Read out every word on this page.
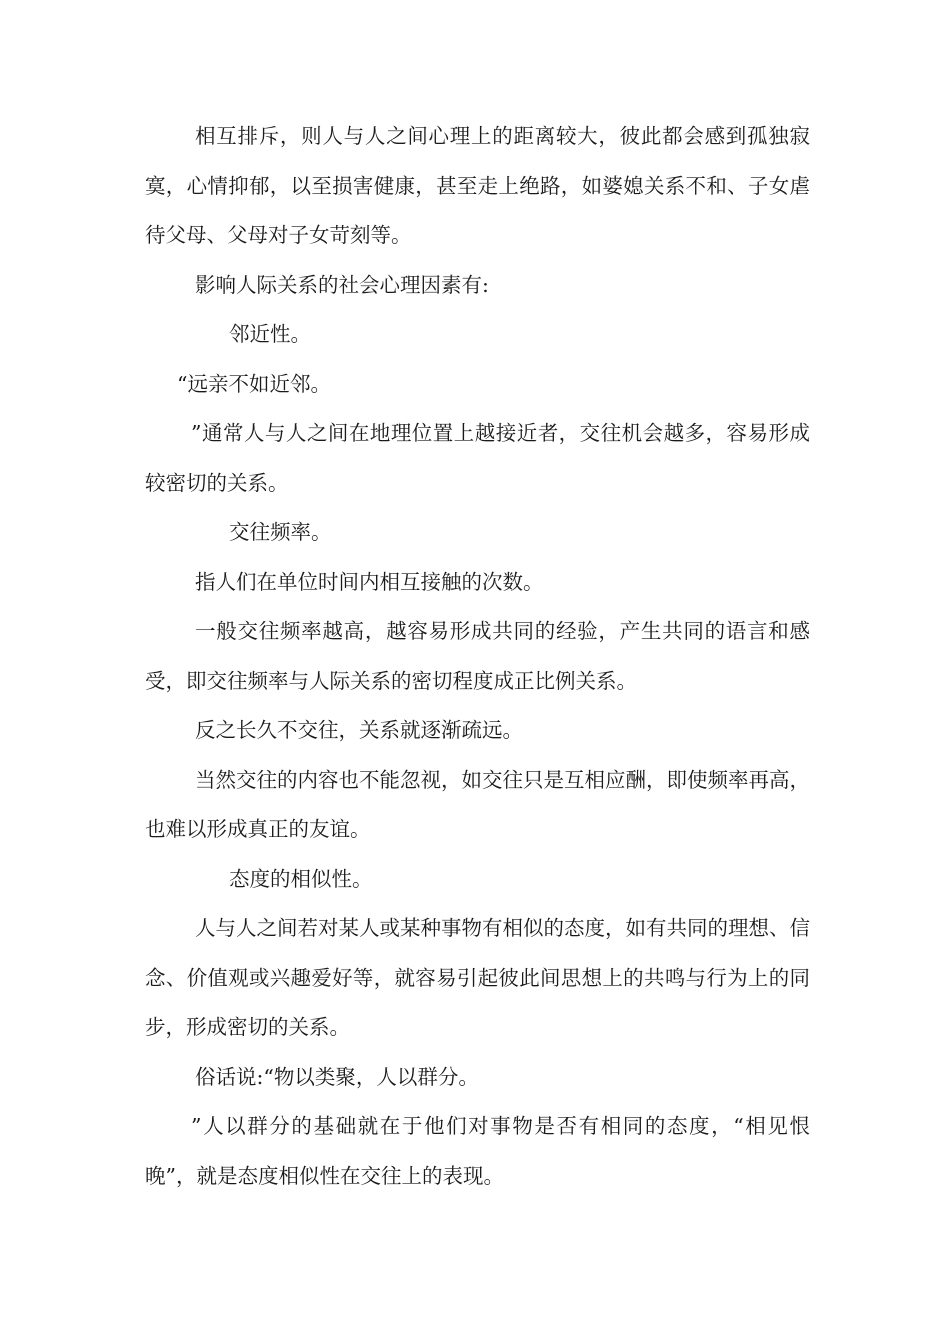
相互排斥，则人与人之间心理上的距离较大，彼此都会感到孤独寂寞，心情抑郁，以至损害健康，甚至走上绝路，如婆媳关系不和、子女虐待父母、父母对子女苛刻等。

影响人际关系的社会心理因素有:

邻近性。

“远亲不如近邻。

”通常人与人之间在地理位置上越接近者，交往机会越多，容易形成较密切的关系。

交往频率。

指人们在单位时间内相互接触的次数。

一般交往频率越高，越容易形成共同的经验，产生共同的语言和感受，即交往频率与人际关系的密切程度成正比例关系。

反之长久不交往，关系就逐渐疏远。

当然交往的内容也不能忽视，如交往只是互相应酬，即使频率再高，也难以形成真正的友谊。

态度的相似性。

人与人之间若对某人或某种事物有相似的态度，如有共同的理想、信念、价值观或兴趣爱好等，就容易引起彼此间思想上的共鸣与行为上的同步，形成密切的关系。

俗话说:“物以类聚，人以群分。

”人以群分的基础就在于他们对事物是否有相同的态度，“相见恨晚”，就是态度相似性在交往上的表现。
